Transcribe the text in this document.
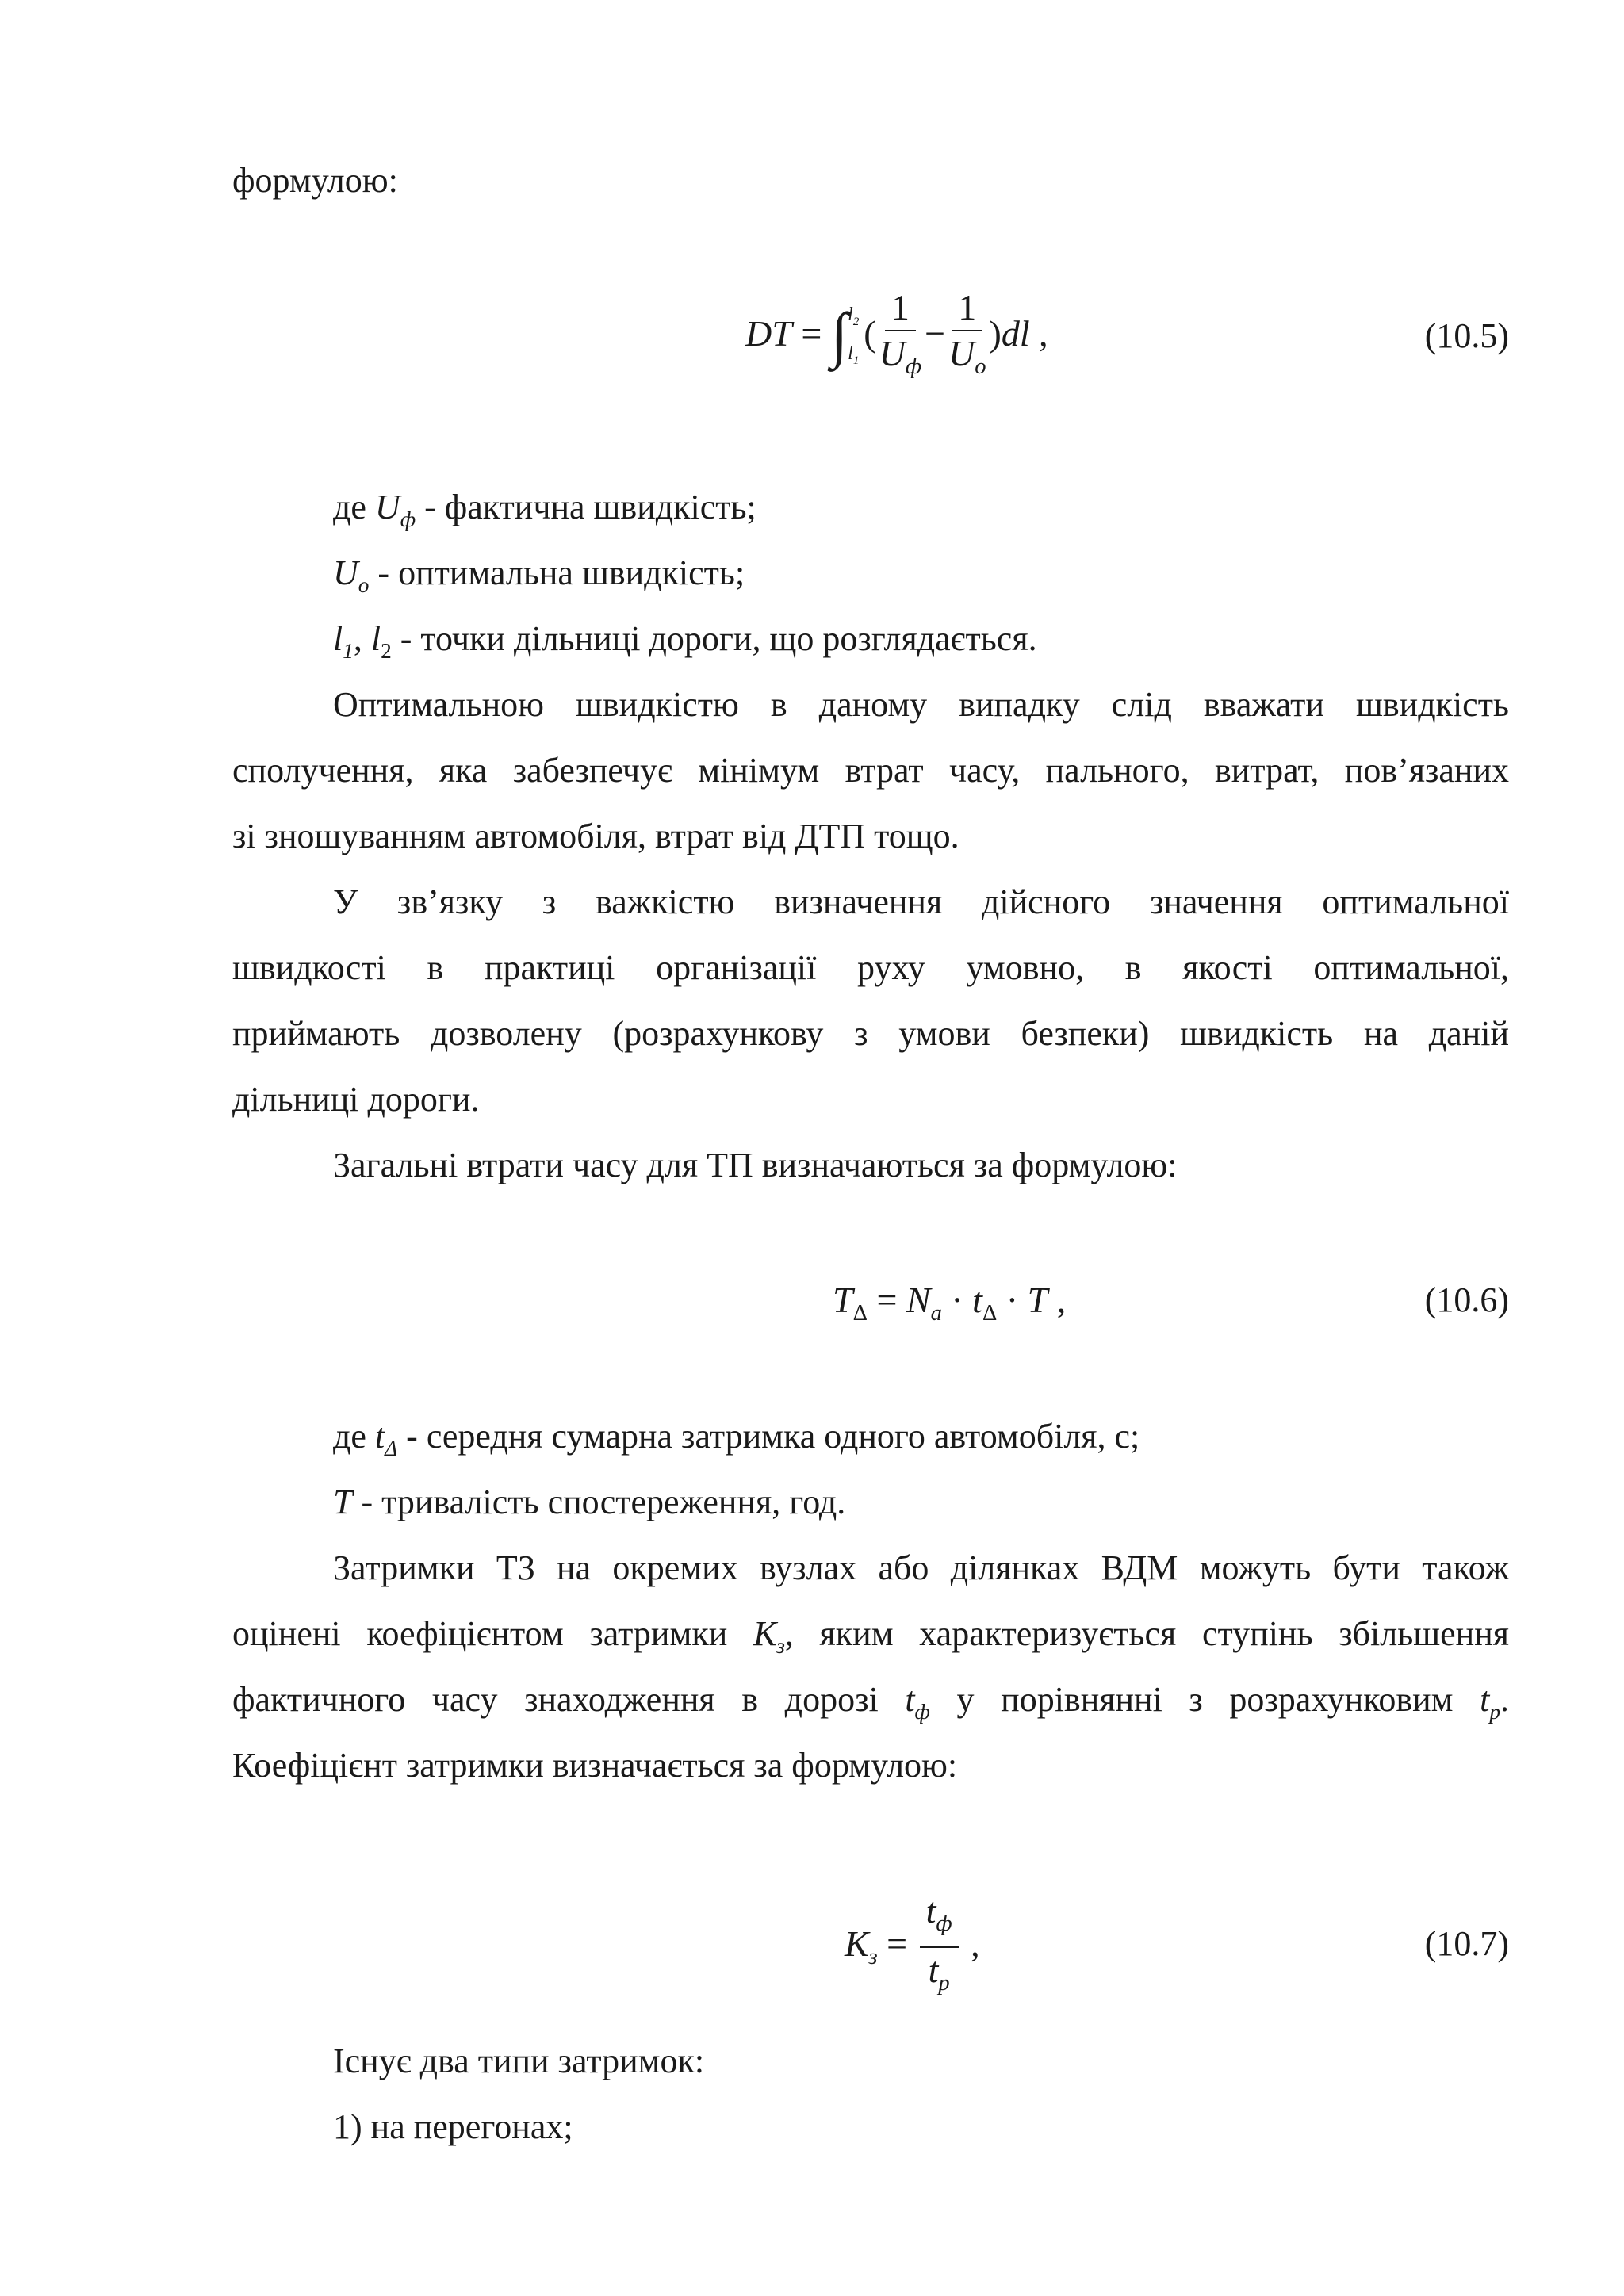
формулою:
DT = ∫ $l_2$
$l_1$
( $\frac{1}{U_ф} - \frac{1}{U_o} )dl$ ,	(10.5)
де $U_ф$ - фактична швидкість;
$U_o$ - оптимальна швидкість;
$l_1$, $l_2$ - точки дільниці дороги, що розглядається.
Оптимальною швидкістю в даному випадку слід вважати швидкість
сполучення, яка забезпечує мінімум втрат часу, пального, витрат, пов’язаних
зі зношуванням автомобіля, втрат від ДТП тощо.
У зв’язку з важкістю визначення дійсного значення оптимальної
швидкості в практиці організації руху умовно, в якості оптимальної,
приймають дозволену (розрахункову з умови безпеки) швидкість на даній
дільниці дороги.
Загальні втрати часу для ТП визначаються за формулою:
$T_\Delta = N_a \cdot t_\Delta \cdot T$ ,	(10.6)
де $t_\Delta$ - середня сумарна затримка одного автомобіля, с;
T - тривалість спостереження, год.
Затримки ТЗ на окремих вузлах або ділянках ВДМ можуть бути також
оцінені коефіцієнтом затримки $К_з$, яким характеризується ступінь збільшення
фактичного часу знаходження в дорозі $t_ф$ у порівнянні з розрахунковим $t_р$.
Коефіцієнт затримки визначається за формулою:
$К_з = \frac{t_ф}{t_р}$ ,	(10.7)
Існує два типи затримок:
1) на перегонах;
